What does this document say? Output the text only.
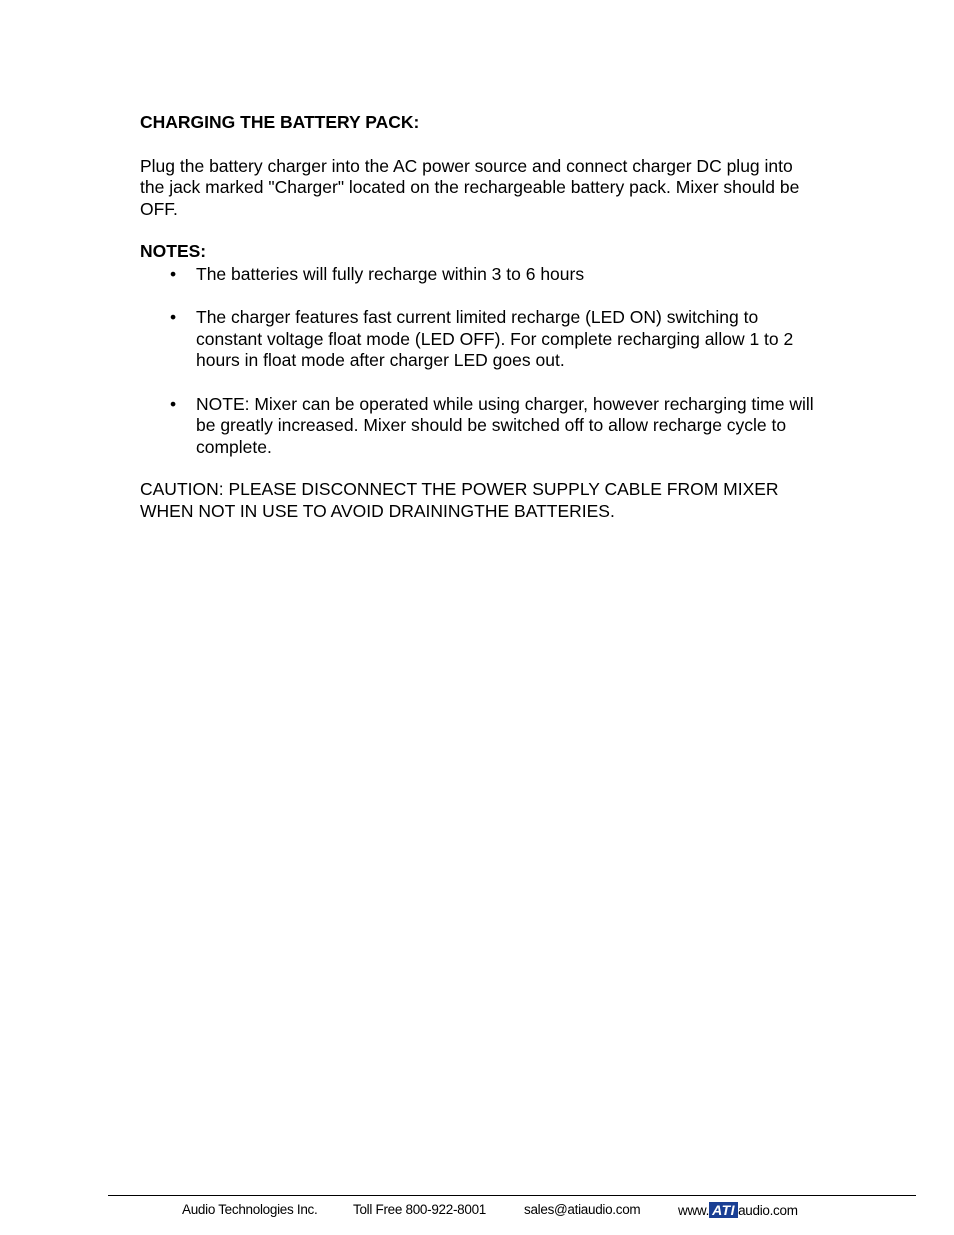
CHARGING THE BATTERY PACK:

Plug the battery charger into the AC power source and connect charger DC plug into the jack marked "Charger" located on the rechargeable battery pack. Mixer should be OFF.

NOTES:

• The batteries will fully recharge within 3 to 6 hours
• The charger features fast current limited recharge (LED ON) switching to constant voltage float mode (LED OFF). For complete recharging allow 1 to 2 hours in float mode after charger LED goes out.
• NOTE: Mixer can be operated while using charger, however recharging time will be greatly increased. Mixer should be switched off to allow recharge cycle to complete.

CAUTION: PLEASE DISCONNECT THE POWER SUPPLY CABLE FROM MIXER WHEN NOT IN USE TO AVOID DRAININGTHE BATTERIES.

Audio Technologies Inc.	Toll Free 800-922-8001	sales@atiaudio.com	www. ATI audio.com
